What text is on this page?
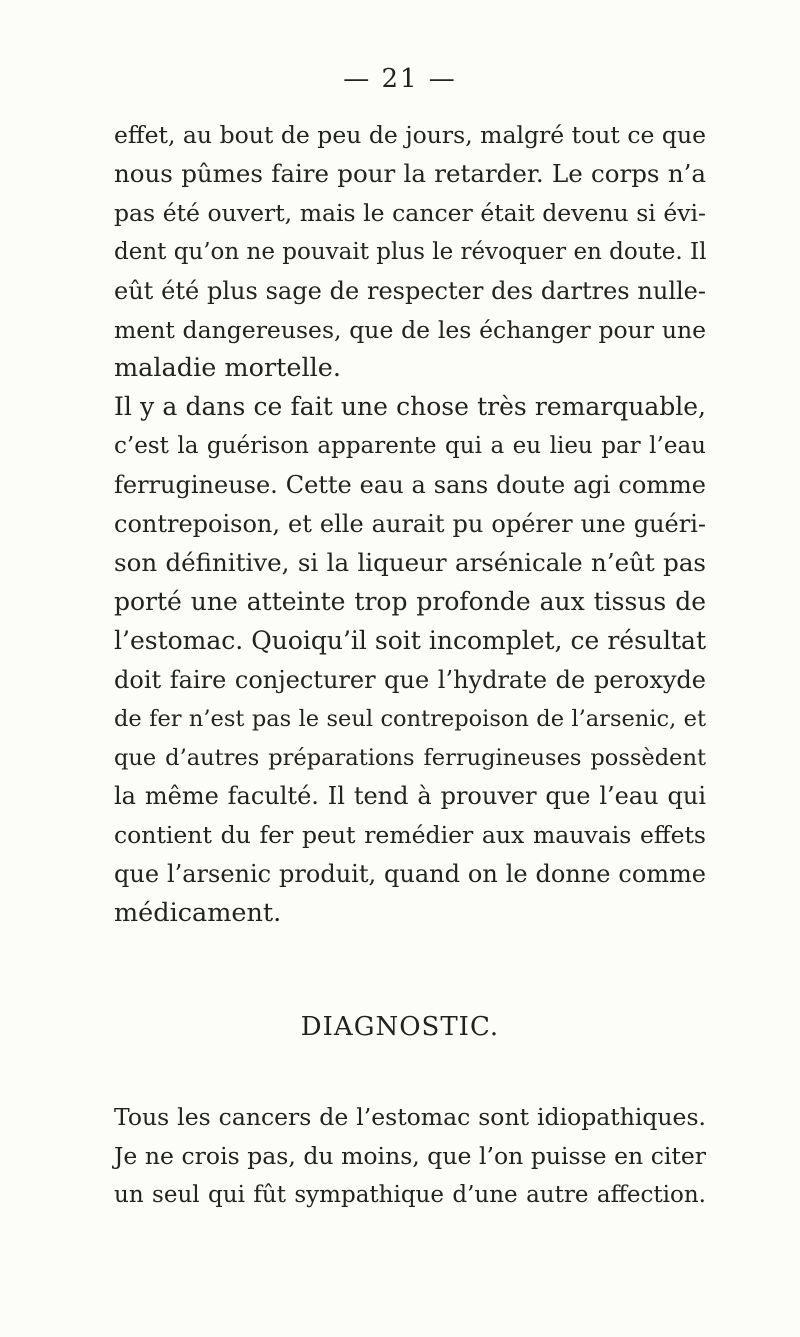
— 21 —
effet, au bout de peu de jours, malgré tout ce que
nous pûmes faire pour la retarder. Le corps n’a
pas été ouvert, mais le cancer était devenu si évi-
dent qu’on ne pouvait plus le révoquer en doute. Il
eût été plus sage de respecter des dartres nulle-
ment dangereuses, que de les échanger pour une
maladie mortelle.
Il y a dans ce fait une chose très remarquable,
c’est la guérison apparente qui a eu lieu par l’eau
ferrugineuse. Cette eau a sans doute agi comme
contrepoison, et elle aurait pu opérer une guéri-
son définitive, si la liqueur arsénicale n’eût pas
porté une atteinte trop profonde aux tissus de
l’estomac. Quoiqu’il soit incomplet, ce résultat
doit faire conjecturer que l’hydrate de peroxyde
de fer n’est pas le seul contrepoison de l’arsenic, et
que d’autres préparations ferrugineuses possèdent
la même faculté. Il tend à prouver que l’eau qui
contient du fer peut remédier aux mauvais effets
que l’arsenic produit, quand on le donne comme
médicament.
DIAGNOSTIC.
Tous les cancers de l’estomac sont idiopathiques.
Je ne crois pas, du moins, que l’on puisse en citer
un seul qui fût sympathique d’une autre affection.
